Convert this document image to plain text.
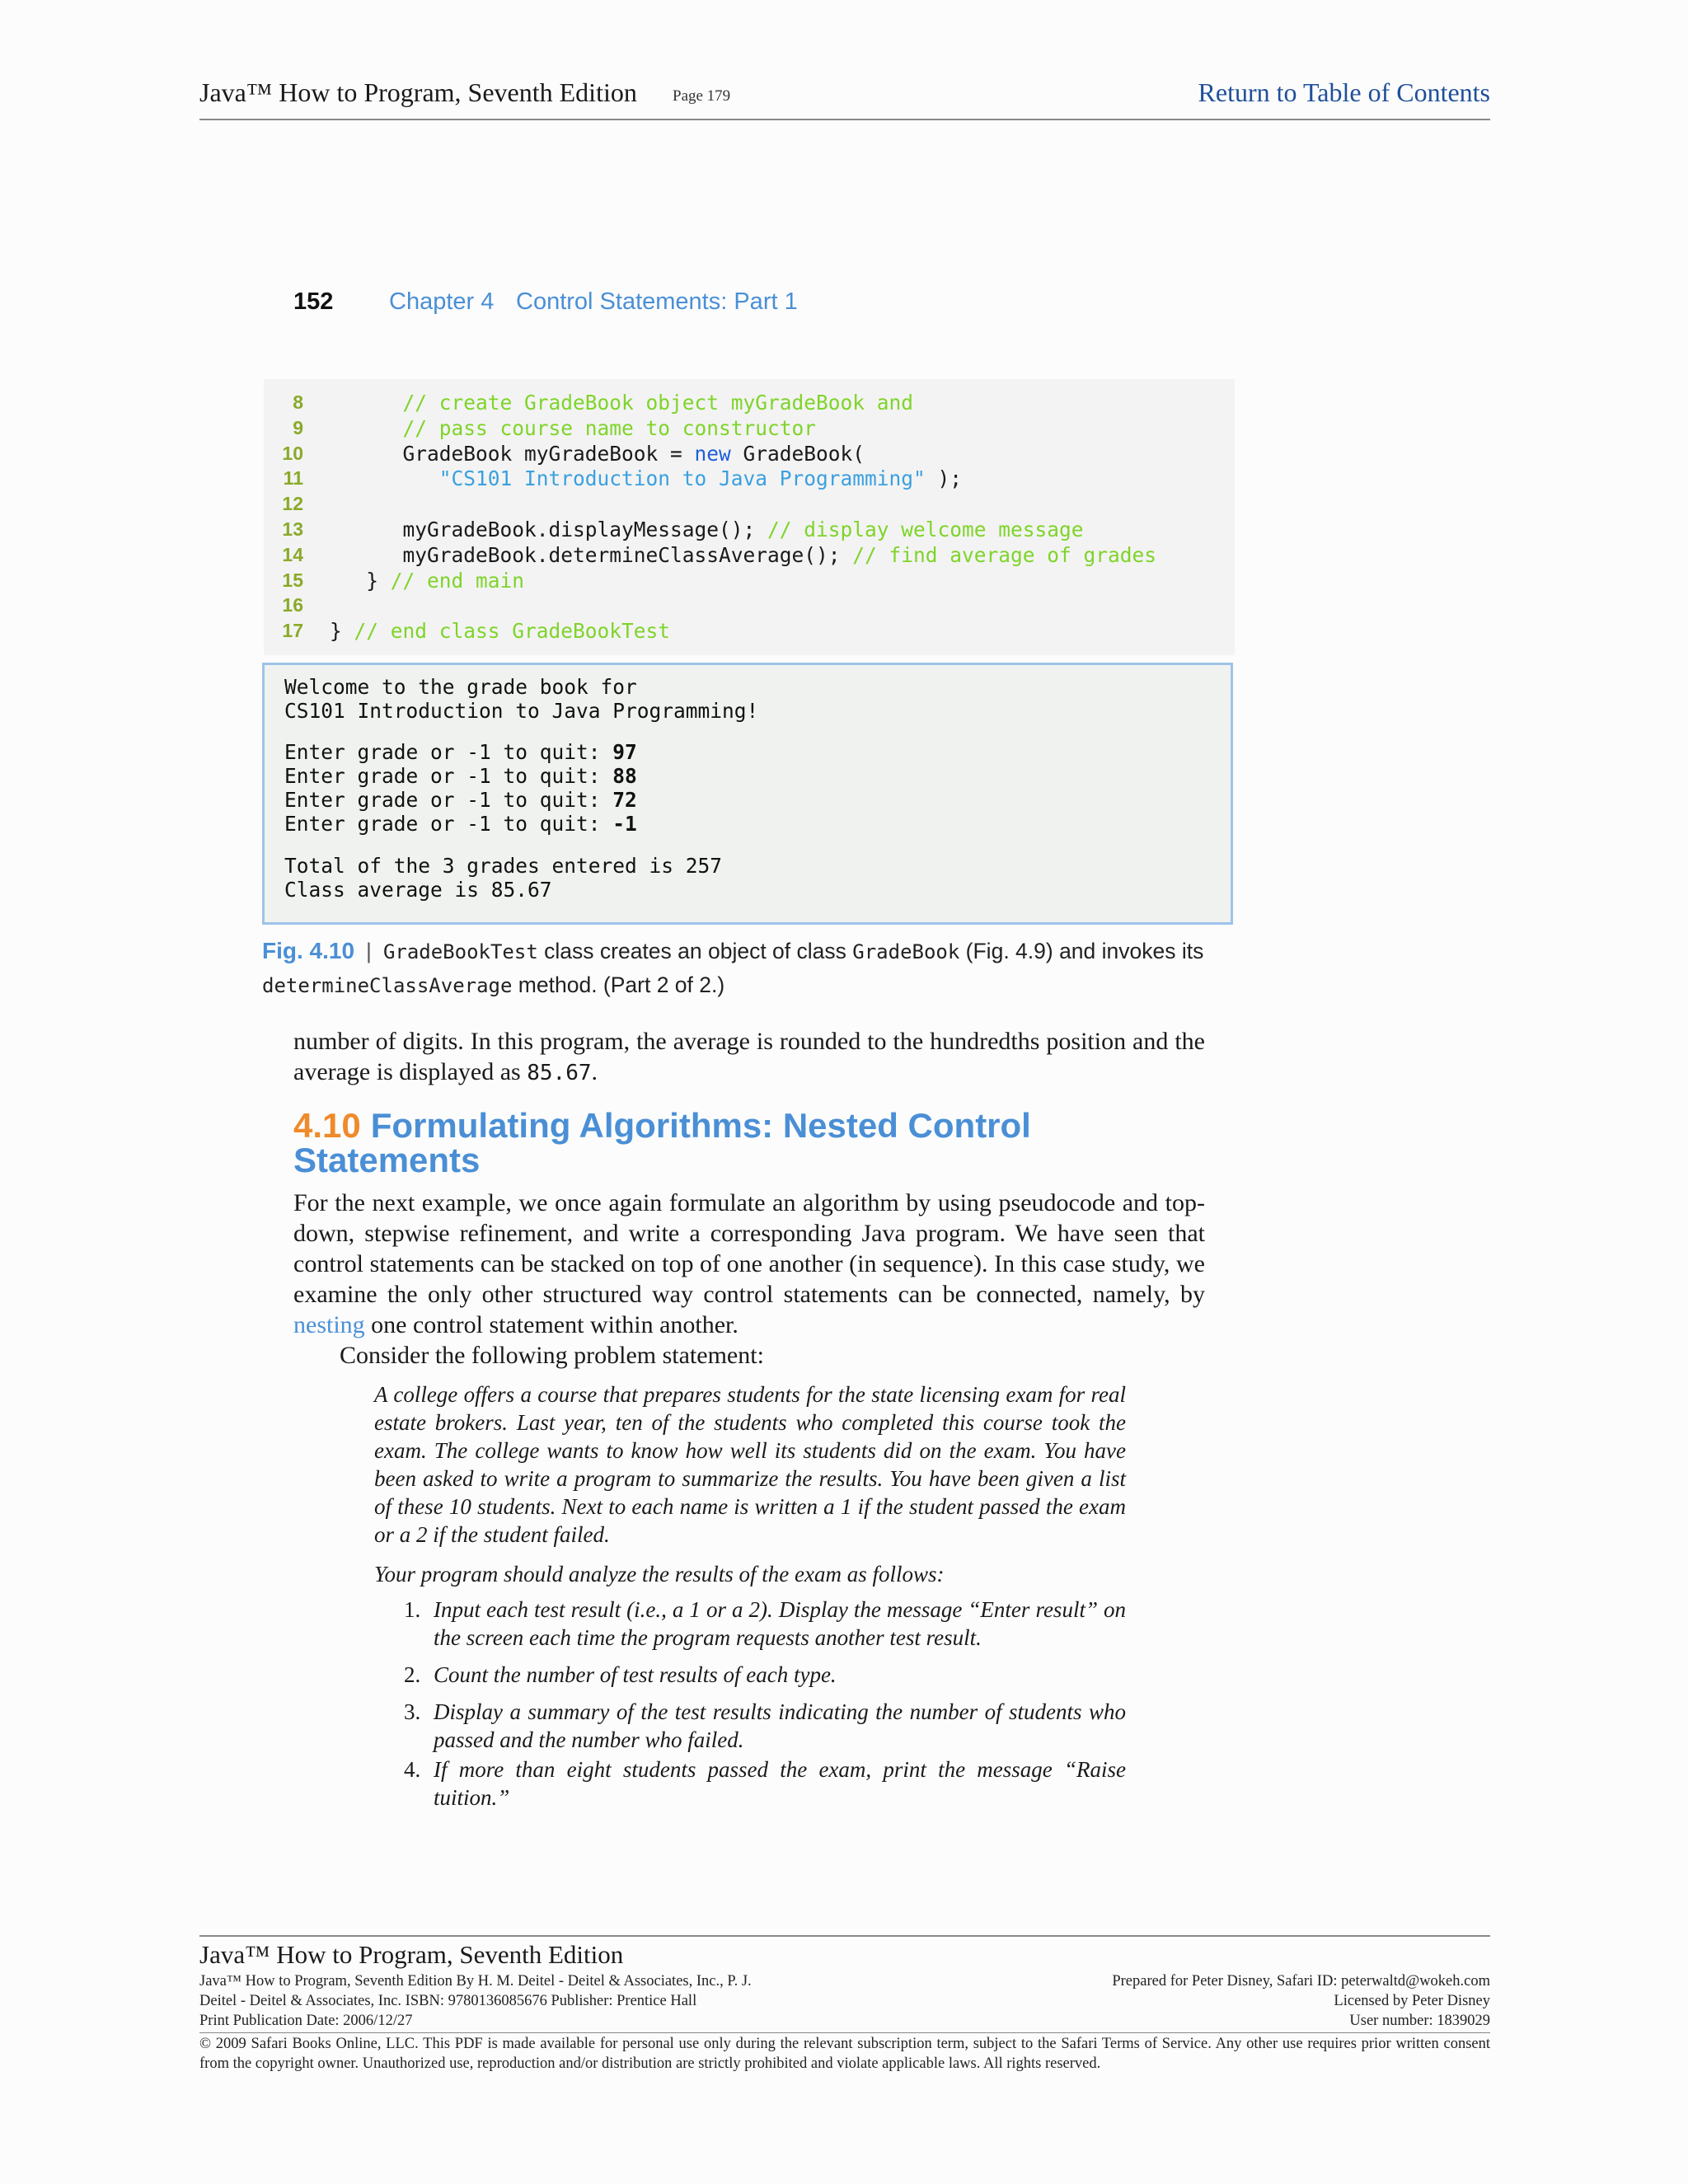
Java™ How to Program, Seventh Edition Page 179	Return to Table of Contents
152 Chapter 4 Control Statements: Part 1
8	// create GradeBook object myGradeBook and
9	// pass course name to constructor
10 GradeBook myGradeBook = new GradeBook(
11	"CS101 Introduction to Java Programming" );
12
13 myGradeBook.displayMessage(); // display welcome message
14 myGradeBook.determineClassAverage(); // find average of grades
15 } // end main
16
17 } // end class GradeBookTest
Welcome to the grade book for
CS101 Introduction to Java Programming!
Enter grade or -1 to quit: 97
Enter grade or -1 to quit: 88
Enter grade or -1 to quit: 72
Enter grade or -1 to quit: -1
Total of the 3 grades entered is 257
Class average is 85.67
Fig. 4.10 | GradeBookTest class creates an object of class GradeBook (Fig. 4.9) and invokes its determineClassAverage method. (Part 2 of 2.)
number of digits. In this program, the average is rounded to the hundredths position and the average is displayed as 85.67.
4.10 Formulating Algorithms: Nested Control Statements
For the next example, we once again formulate an algorithm by using pseudocode and top-down, stepwise refinement, and write a corresponding Java program. We have seen that control statements can be stacked on top of one another (in sequence). In this case study, we examine the only other structured way control statements can be connected, namely, by nesting one control statement within another.
Consider the following problem statement:
A college offers a course that prepares students for the state licensing exam for real estate brokers. Last year, ten of the students who completed this course took the exam. The college wants to know how well its students did on the exam. You have been asked to write a program to summarize the results. You have been given a list of these 10 students. Next to each name is written a 1 if the student passed the exam or a 2 if the student failed.
Your program should analyze the results of the exam as follows:
1. Input each test result (i.e., a 1 or a 2). Display the message “Enter result” on the screen each time the program requests another test result.
2. Count the number of test results of each type.
3. Display a summary of the test results indicating the number of students who passed and the number who failed.
4. If more than eight students passed the exam, print the message “Raise tuition.”
Java™ How to Program, Seventh Edition
Java™ How to Program, Seventh Edition By H. M. Deitel - Deitel & Associates, Inc., P. J.
Deitel - Deitel & Associates, Inc. ISBN: 9780136085676 Publisher: Prentice Hall
Print Publication Date: 2006/12/27
Prepared for Peter Disney, Safari ID: peterwaltd@wokeh.com
Licensed by Peter Disney
User number: 1839029
© 2009 Safari Books Online, LLC. This PDF is made available for personal use only during the relevant subscription term, subject to the Safari Terms of Service. Any other use requires prior written consent from the copyright owner. Unauthorized use, reproduction and/or distribution are strictly prohibited and violate applicable laws. All rights reserved.
